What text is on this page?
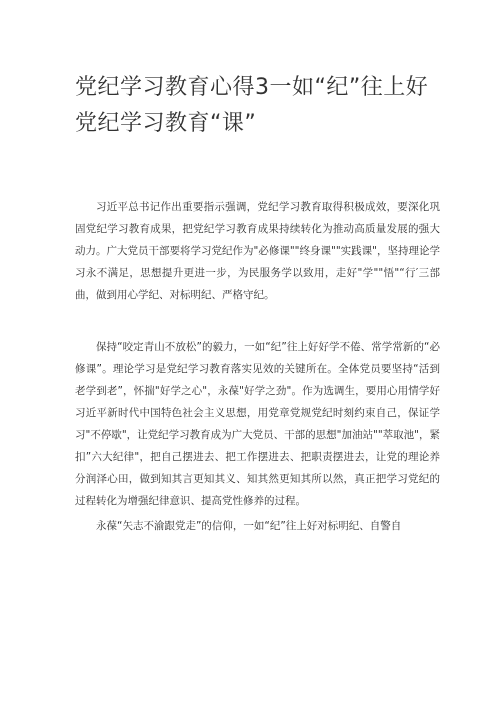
党纪学习教育心得3一如“纪”往上好党纪学习教育“课”

习近平总书记作出重要指示强调，党纪学习教育取得积极成效，要深化巩固党纪学习教育成果，把党纪学习教育成果持续转化为推动高质量发展的强大动力。广大党员干部要将学习党纪作为"必修课""终身课""实践课"，坚持理论学习永不满足，思想提升更进一步，为民服务学以致用，走好"学""悟"“行′三部曲，做到用心学纪、对标明纪、严格守纪。

保持“咬定青山不放松”的毅力，一如“纪”往上好好学不倦、常学常新的“必修课”。理论学习是党纪学习教育落实见效的关键所在。全体党员要坚持“活到老学到老”，怀揣"好学之心"，永葆"好学之劲"。作为选调生，要用心用情学好习近平新时代中国特色社会主义思想，用党章党规党纪时刻约束自己，保证学习"不停歇"，让党纪学习教育成为广大党员、干部的思想"加油站""萃取池"，紧扣”六大纪律"，把自己摆进去、把工作摆进去、把职责摆进去，让党的理论养分润泽心田，做到知其言更知其义、知其然更知其所以然，真正把学习党纪的过程转化为增强纪律意识、提高党性修养的过程。

永葆“矢志不渝跟党走”的信仰，一如“纪”往上好对标明纪、自警自
